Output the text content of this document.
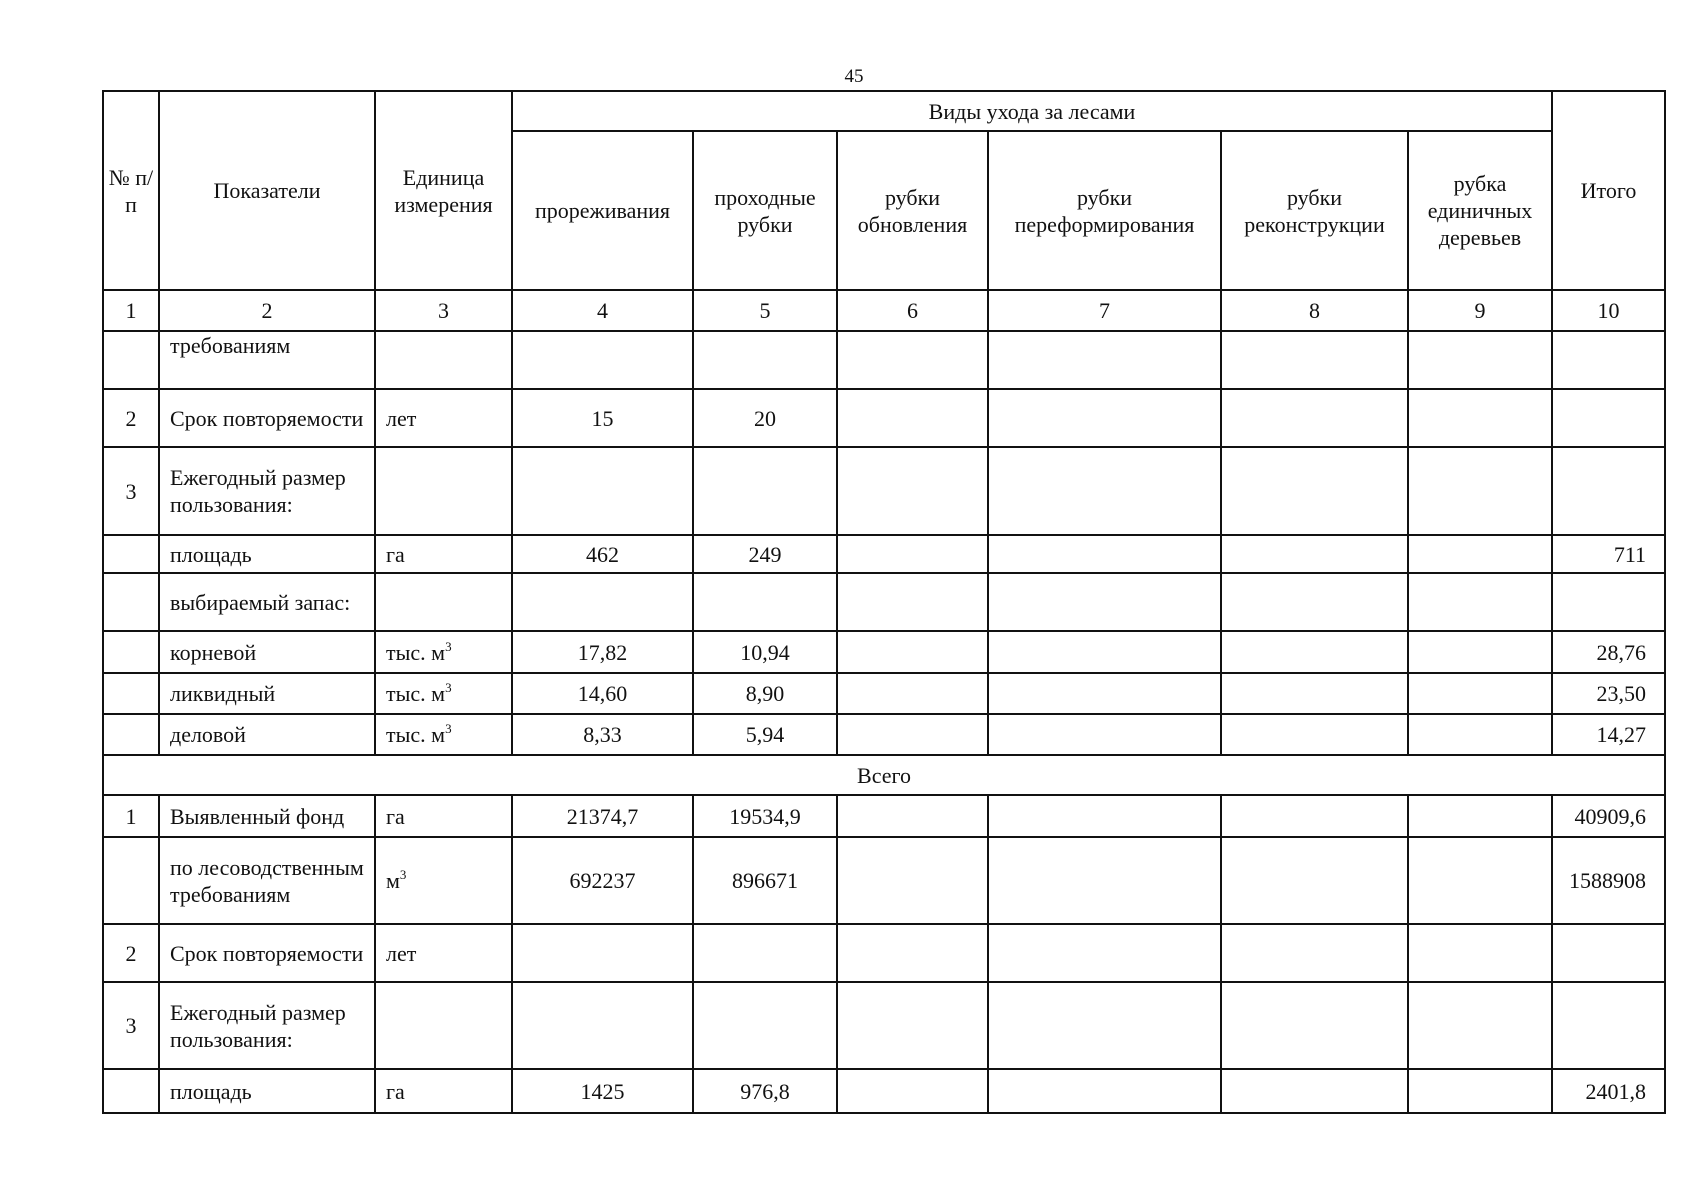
45
№ п/п	Показатели	Единица измерения	Виды ухода за лесами						Итого
			прореживания	проходные рубки	рубки обновления	рубки переформирования	рубки реконструкции	рубка единичных деревьев	
1	2	3	4	5	6	7	8	9	10
	требованиям								
2	Срок повторяемости	лет	15	20					
3	Ежегодный размер пользования:								
	площадь	га	462	249					711
	выбираемый запас:								
	корневой	тыс. $м^3$	17,82	10,94					28,76
	ликвидный	тыс. $м^3$	14,60	8,90					23,50
	деловой	тыс. $м^3$	8,33	5,94					14,27
Всего									
1	Выявленный фонд	га	21374,7	19534,9					40909,6
	по лесоводственным требованиям	$м^3$	692237	896671					1588908
2	Срок повторяемости	лет							
3	Ежегодный размер пользования:								
	площадь	га	1425	976,8					2401,8
